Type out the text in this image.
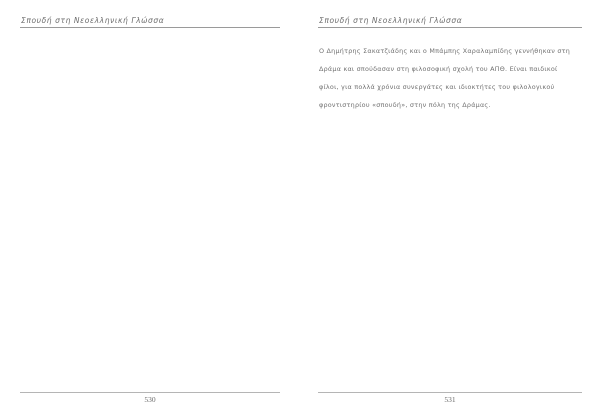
Σπουδή στη Νεοελληνική Γλώσσα
530
Σπουδή στη Νεοελληνική Γλώσσα
Ο Δημήτρης Σακατζιάδης και ο Μπάμπης Χαραλαμπίδης γεννήθηκαν στη
Δράμα και σπούδασαν στη φιλοσοφική σχολή του ΑΠΘ. Είναι παιδικοί
φίλοι, για πολλά χρόνια συνεργάτες και ιδιοκτήτες του φιλολογικού
φροντιστηρίου «σπουδή», στην πόλη της Δράμας.
531
